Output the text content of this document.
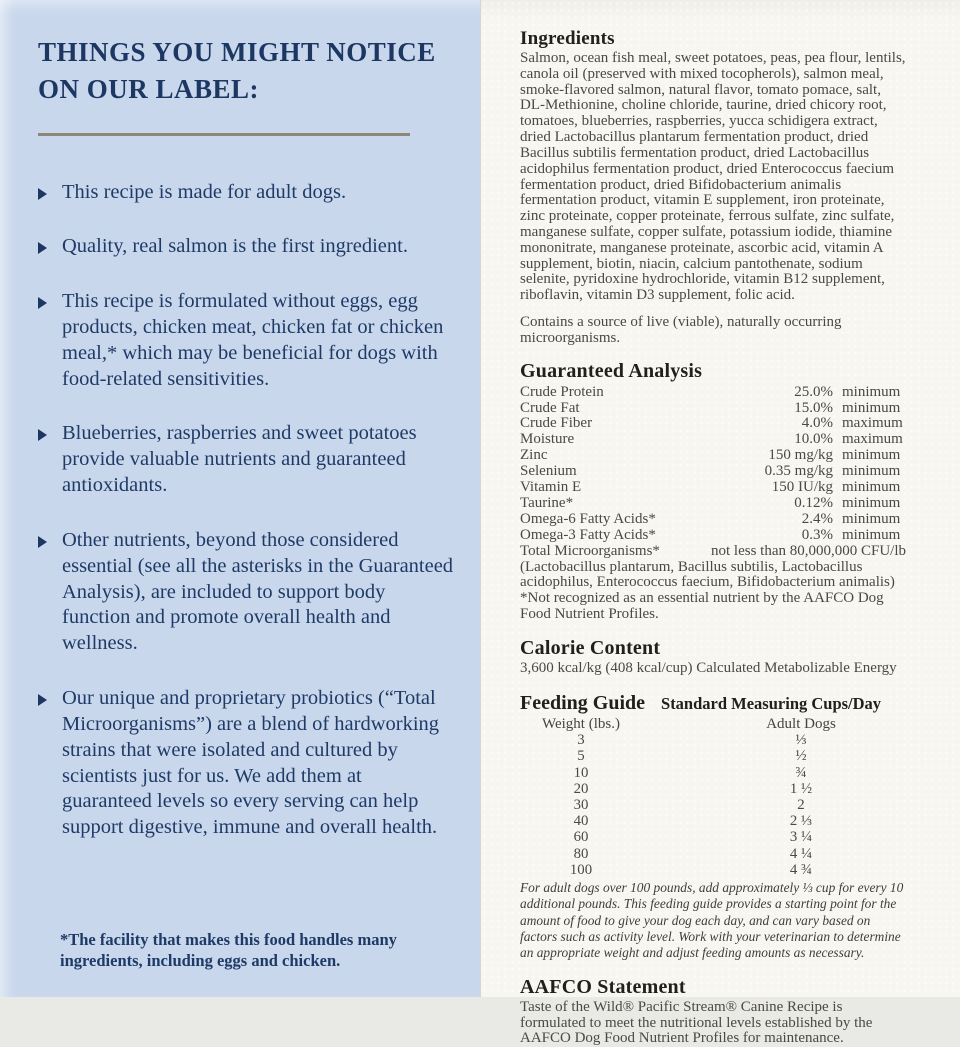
THINGS YOU MIGHT NOTICE ON OUR LABEL:
This recipe is made for adult dogs.
Quality, real salmon is the first ingredient.
This recipe is formulated without eggs, egg products, chicken meat, chicken fat or chicken meal,* which may be beneficial for dogs with food-related sensitivities.
Blueberries, raspberries and sweet potatoes provide valuable nutrients and guaranteed antioxidants.
Other nutrients, beyond those considered essential (see all the asterisks in the Guaranteed Analysis), are included to support body function and promote overall health and wellness.
Our unique and proprietary probiotics (“Total Microorganisms”) are a blend of hardworking strains that were isolated and cultured by scientists just for us. We add them at guaranteed levels so every serving can help support digestive, immune and overall health.
*The facility that makes this food handles many ingredients, including eggs and chicken.
Ingredients

Salmon, ocean fish meal, sweet potatoes, peas, pea flour, lentils, canola oil (preserved with mixed tocopherols), salmon meal, smoke-flavored salmon, natural flavor, tomato pomace, salt, DL-Methionine, choline chloride, taurine, dried chicory root, tomatoes, blueberries, raspberries, yucca schidigera extract, dried Lactobacillus plantarum fermentation product, dried Bacillus subtilis fermentation product, dried Lactobacillus acidophilus fermentation product, dried Enterococcus faecium fermentation product, dried Bifidobacterium animalis fermentation product, vitamin E supplement, iron proteinate, zinc proteinate, copper proteinate, ferrous sulfate, zinc sulfate, manganese sulfate, copper sulfate, potassium iodide, thiamine mononitrate, manganese proteinate, ascorbic acid, vitamin A supplement, biotin, niacin, calcium pantothenate, sodium selenite, pyridoxine hydrochloride, vitamin B12 supplement, riboflavin, vitamin D3 supplement, folic acid.

Contains a source of live (viable), naturally occurring microorganisms.

Guaranteed Analysis
Crude Protein	25.0% minimum
Crude Fat	15.0% minimum
Crude Fiber	4.0% maximum
Moisture	10.0% maximum
Zinc	150 mg/kg minimum
Selenium	0.35 mg/kg minimum
Vitamin E	150 IU/kg minimum
Taurine*	0.12% minimum
Omega-6 Fatty Acids*	2.4% minimum
Omega-3 Fatty Acids*	0.3% minimum
Total Microorganisms*	not less than 80,000,000 CFU/lb

(Lactobacillus plantarum, Bacillus subtilis, Lactobacillus acidophilus, Enterococcus faecium, Bifidobacterium animalis)

*Not recognized as an essential nutrient by the AAFCO Dog Food Nutrient Profiles.

Calorie Content

3,600 kcal/kg (408 kcal/cup) Calculated Metabolizable Energy

Feeding Guide Standard Measuring Cups/Day
Weight (lbs.)	Adult Dogs
3	⅓
5	½
10	¾
20	1 ½
30	2
40	2 ⅓
60	3 ¼
80	4 ¼
100	4 ¾

For adult dogs over 100 pounds, add approximately ⅓ cup for every 10 additional pounds. This feeding guide provides a starting point for the amount of food to give your dog each day, and can vary based on factors such as activity level. Work with your veterinarian to determine an appropriate weight and adjust feeding amounts as necessary.

AAFCO Statement

Taste of the Wild® Pacific Stream® Canine Recipe is formulated to meet the nutritional levels established by the AAFCO Dog Food Nutrient Profiles for maintenance.
